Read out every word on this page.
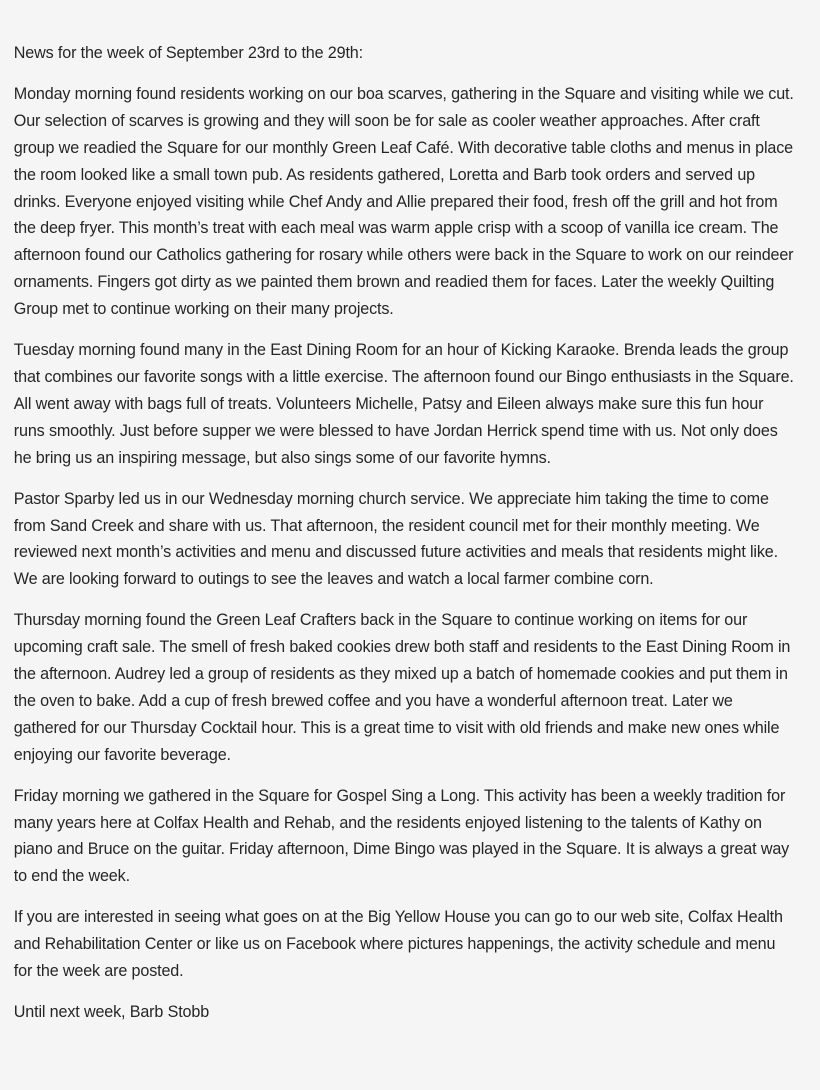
News for the week of September 23rd to the 29th:

Monday morning found residents working on our boa scarves, gathering in the Square and visiting while we cut. Our selection of scarves is growing and they will soon be for sale as cooler weather approaches. After craft group we readied the Square for our monthly Green Leaf Café. With decorative table cloths and menus in place the room looked like a small town pub. As residents gathered, Loretta and Barb took orders and served up drinks. Everyone enjoyed visiting while Chef Andy and Allie prepared their food, fresh off the grill and hot from the deep fryer. This month’s treat with each meal was warm apple crisp with a scoop of vanilla ice cream. The afternoon found our Catholics gathering for rosary while others were back in the Square to work on our reindeer ornaments. Fingers got dirty as we painted them brown and readied them for faces. Later the weekly Quilting Group met to continue working on their many projects.

Tuesday morning found many in the East Dining Room for an hour of Kicking Karaoke. Brenda leads the group that combines our favorite songs with a little exercise. The afternoon found our Bingo enthusiasts in the Square. All went away with bags full of treats. Volunteers Michelle, Patsy and Eileen always make sure this fun hour runs smoothly. Just before supper we were blessed to have Jordan Herrick spend time with us. Not only does he bring us an inspiring message, but also sings some of our favorite hymns.

Pastor Sparby led us in our Wednesday morning church service. We appreciate him taking the time to come from Sand Creek and share with us. That afternoon, the resident council met for their monthly meeting. We reviewed next month’s activities and menu and discussed future activities and meals that residents might like. We are looking forward to outings to see the leaves and watch a local farmer combine corn.

Thursday morning found the Green Leaf Crafters back in the Square to continue working on items for our upcoming craft sale. The smell of fresh baked cookies drew both staff and residents to the East Dining Room in the afternoon. Audrey led a group of residents as they mixed up a batch of homemade cookies and put them in the oven to bake. Add a cup of fresh brewed coffee and you have a wonderful afternoon treat. Later we gathered for our Thursday Cocktail hour. This is a great time to visit with old friends and make new ones while enjoying our favorite beverage.

Friday morning we gathered in the Square for Gospel Sing a Long. This activity has been a weekly tradition for many years here at Colfax Health and Rehab, and the residents enjoyed listening to the talents of Kathy on piano and Bruce on the guitar. Friday afternoon, Dime Bingo was played in the Square. It is always a great way to end the week.

If you are interested in seeing what goes on at the Big Yellow House you can go to our web site, Colfax Health and Rehabilitation Center or like us on Facebook where pictures happenings, the activity schedule and menu for the week are posted.

Until next week, Barb Stobb
